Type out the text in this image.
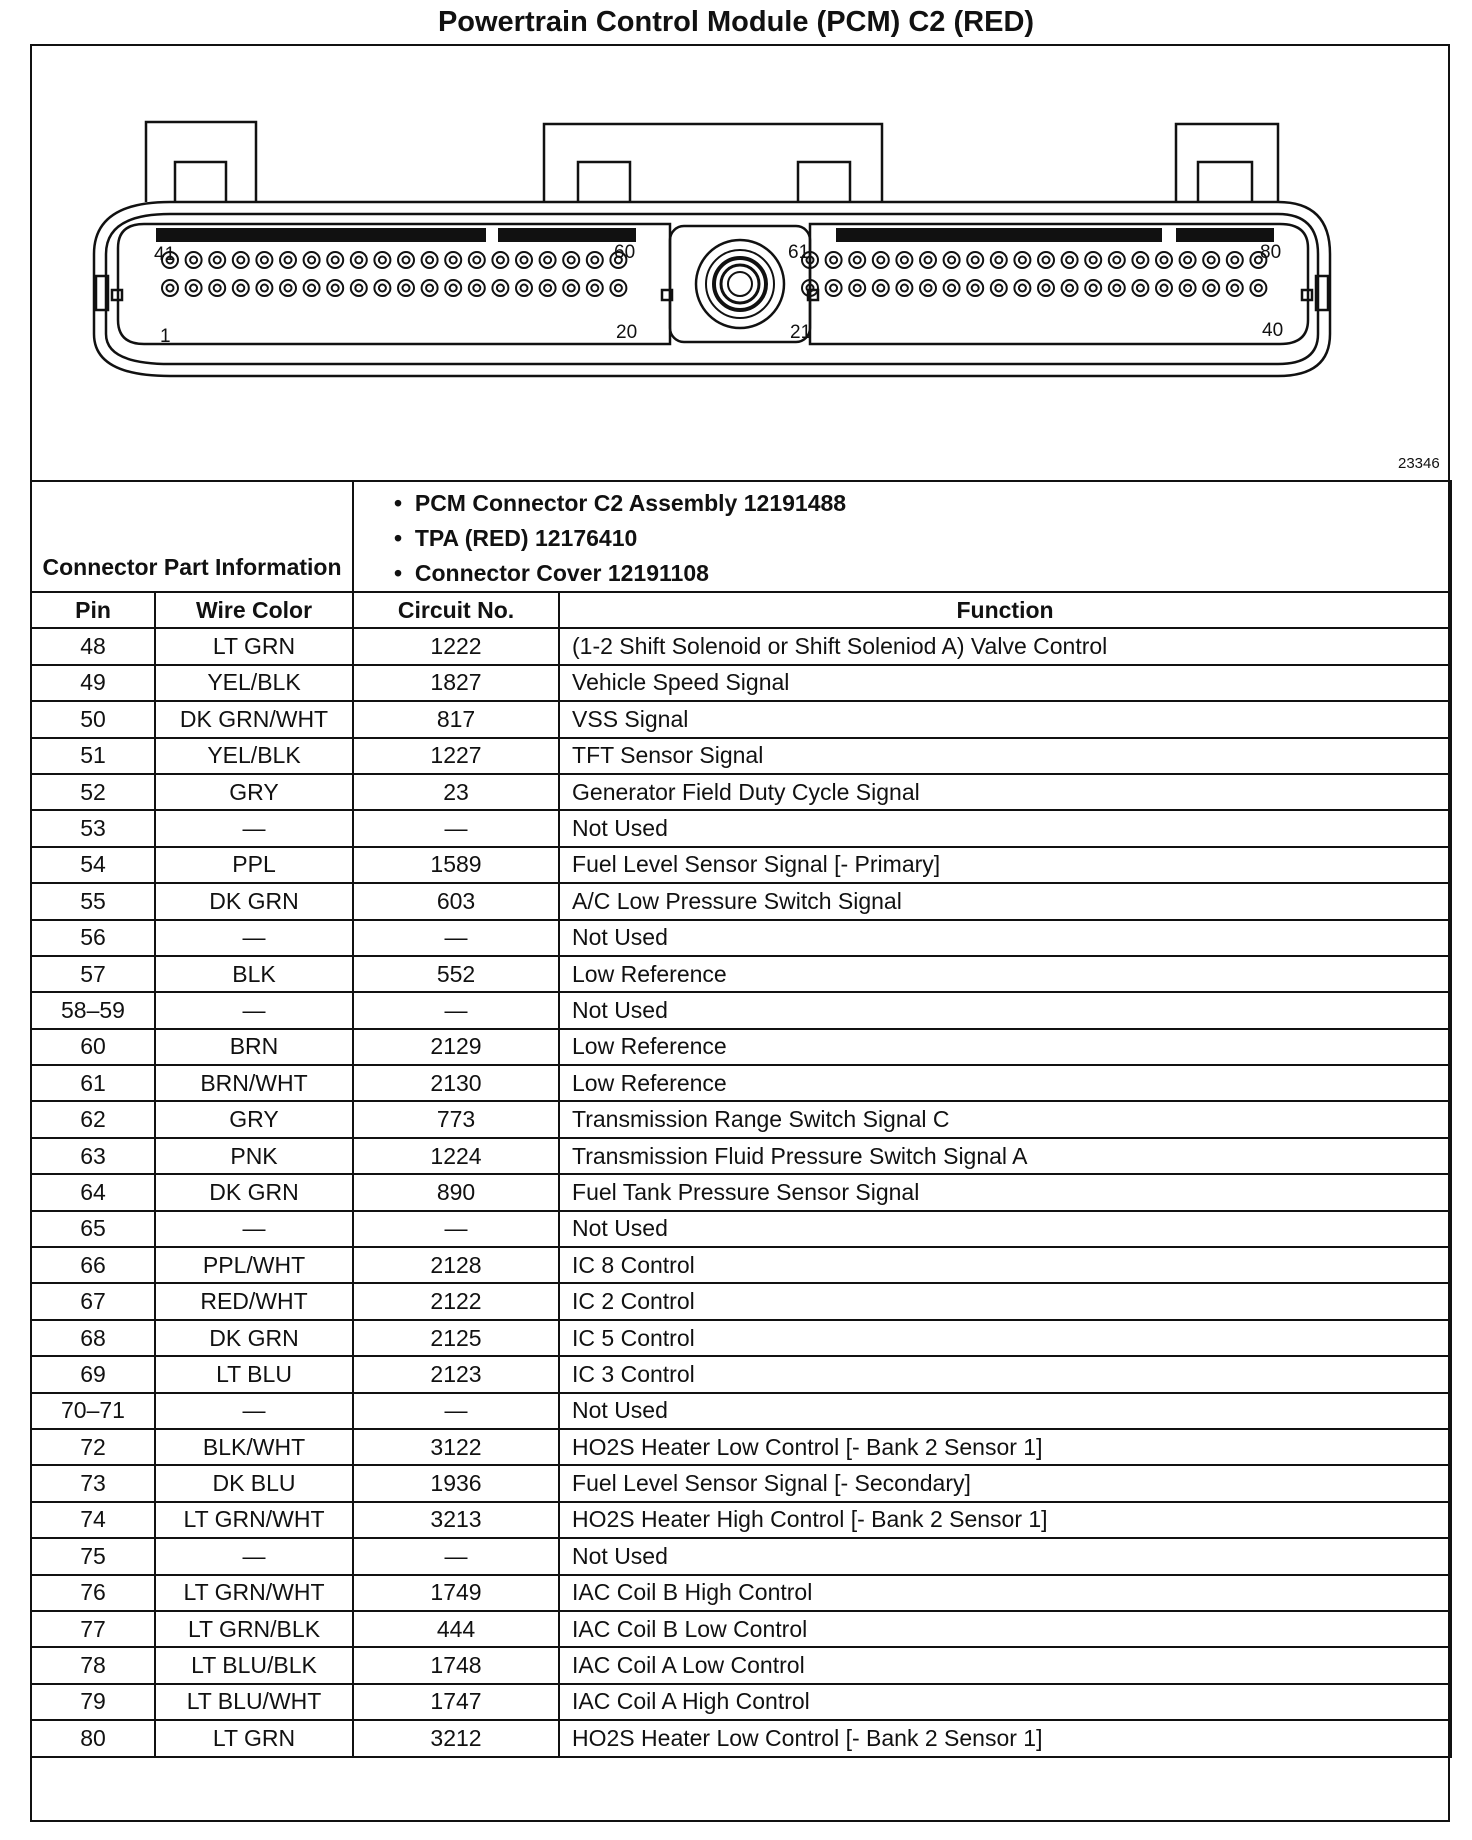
Powertrain Control Module (PCM) C2 (RED)
41	60
1	20
61	80
21	40
23346
Connector Part Information		•  PCM Connector C2 Assembly 12191488
•  TPA (RED) 12176410
•  Connector Cover 12191108	

Pin	Wire Color	Circuit No.	Function
48	LT GRN	1222	(1-2 Shift Solenoid or Shift Soleniod A) Valve Control
49	YEL/BLK	1827	Vehicle Speed Signal
50	DK GRN/WHT	817	VSS Signal
51	YEL/BLK	1227	TFT Sensor Signal
52	GRY	23	Generator Field Duty Cycle Signal
53	—	—	Not Used
54	PPL	1589	Fuel Level Sensor Signal [- Primary]
55	DK GRN	603	A/C Low Pressure Switch Signal
56	—	—	Not Used
57	BLK	552	Low Reference
58–59	—	—	Not Used
60	BRN	2129	Low Reference
61	BRN/WHT	2130	Low Reference
62	GRY	773	Transmission Range Switch Signal C
63	PNK	1224	Transmission Fluid Pressure Switch Signal A
64	DK GRN	890	Fuel Tank Pressure Sensor Signal
65	—	—	Not Used
66	PPL/WHT	2128	IC 8 Control
67	RED/WHT	2122	IC 2 Control
68	DK GRN	2125	IC 5 Control
69	LT BLU	2123	IC 3 Control
70–71	—	—	Not Used
72	BLK/WHT	3122	HO2S Heater Low Control [- Bank 2 Sensor 1]
73	DK BLU	1936	Fuel Level Sensor Signal [- Secondary]
74	LT GRN/WHT	3213	HO2S Heater High Control [- Bank 2 Sensor 1]
75	—	—	Not Used
76	LT GRN/WHT	1749	IAC Coil B High Control
77	LT GRN/BLK	444	IAC Coil B Low Control
78	LT BLU/BLK	1748	IAC Coil A Low Control
79	LT BLU/WHT	1747	IAC Coil A High Control
80	LT GRN	3212	HO2S Heater Low Control [- Bank 2 Sensor 1]
